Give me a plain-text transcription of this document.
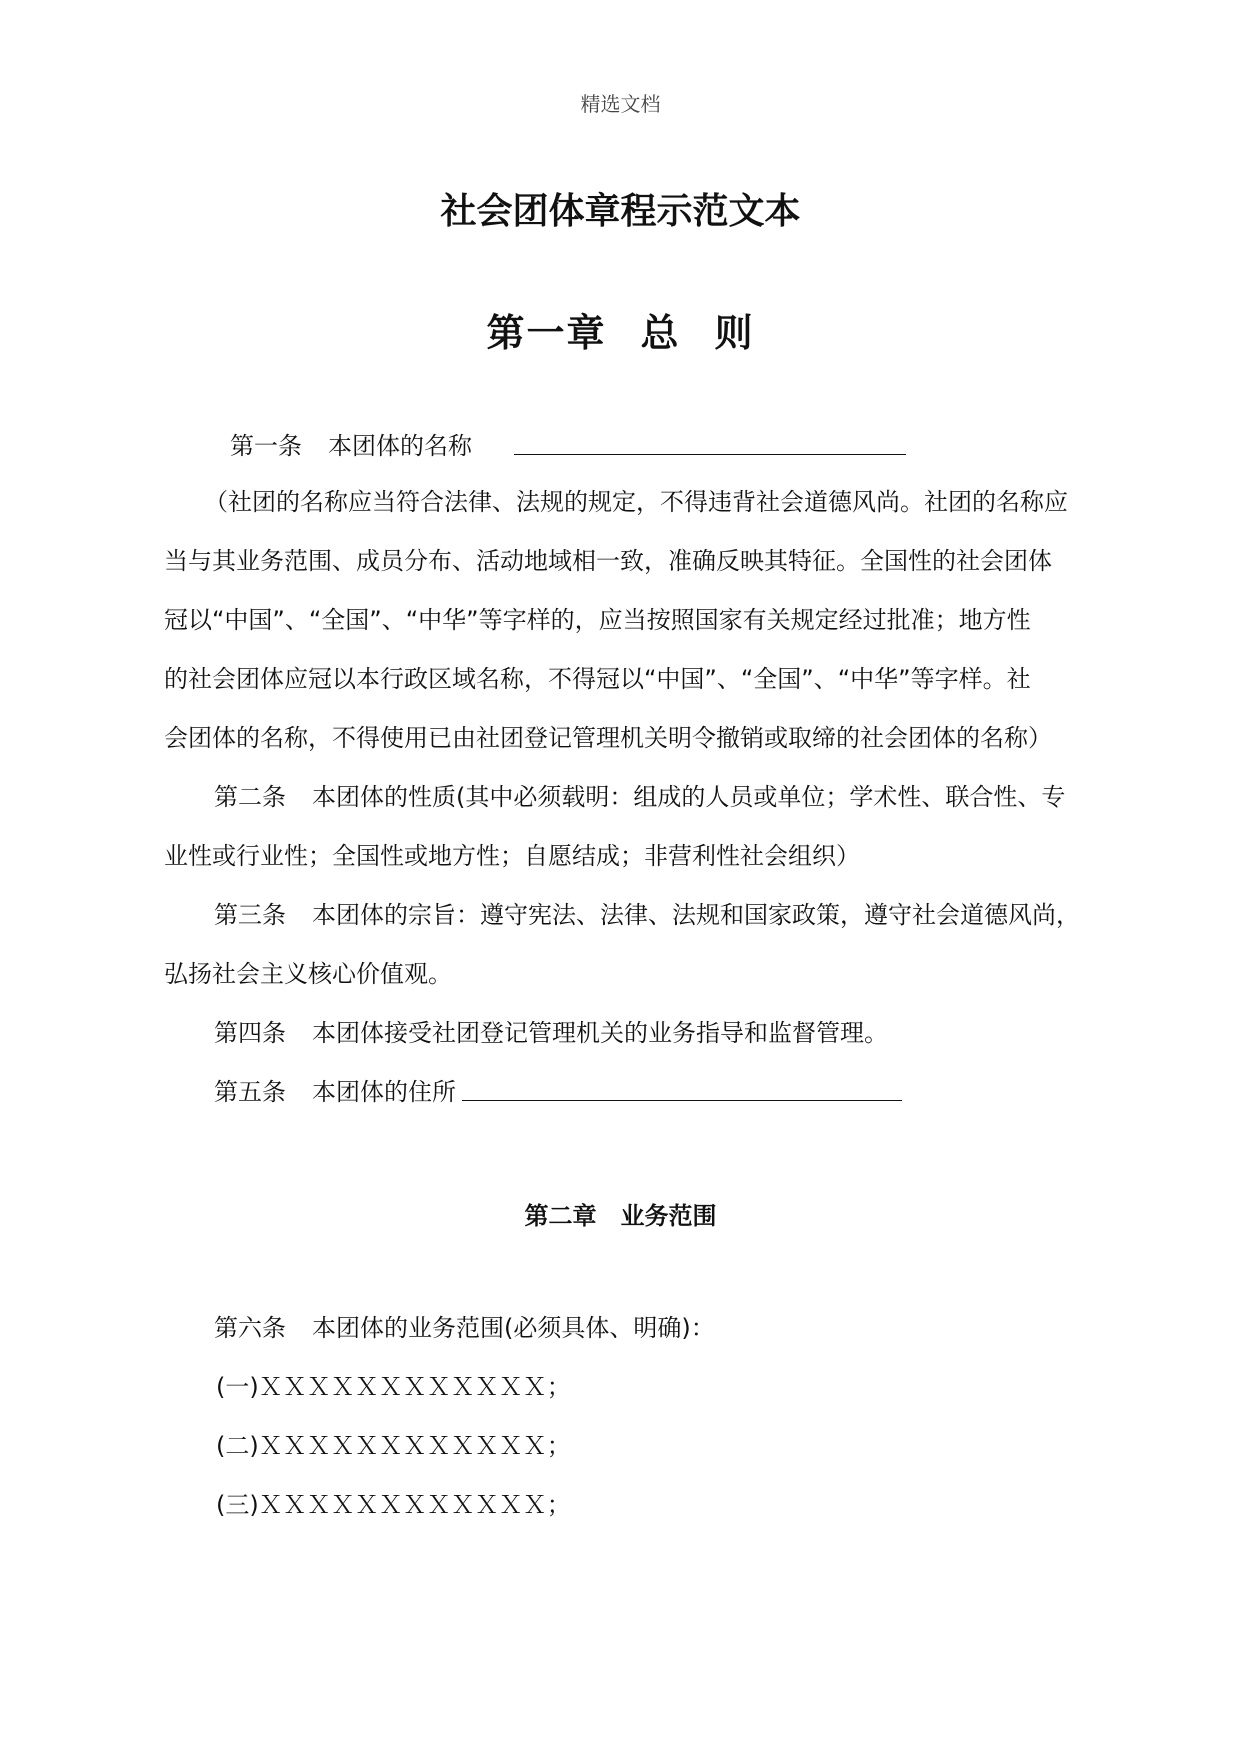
精选文档
社会团体章程示范文本
第一章 总 则
第一条 本团体的名称
（社团的名称应当符合法律、法规的规定，不得违背社会道德风尚。社团的名称应
当与其业务范围、成员分布、活动地域相一致，准确反映其特征。全国性的社会团体
冠以“中国”、“全国”、“中华”等字样的，应当按照国家有关规定经过批准；地方性
的社会团体应冠以本行政区域名称，不得冠以“中国”、“全国”、“中华”等字样。社
会团体的名称，不得使用已由社团登记管理机关明令撤销或取缔的社会团体的名称）
第二条 本团体的性质(其中必须载明：组成的人员或单位；学术性、联合性、专
业性或行业性；全国性或地方性；自愿结成；非营利性社会组织）
第三条 本团体的宗旨：遵守宪法、法律、法规和国家政策，遵守社会道德风尚，
弘扬社会主义核心价值观。
第四条 本团体接受社团登记管理机关的业务指导和监督管理。
第五条 本团体的住所
第二章 业务范围
第六条 本团体的业务范围(必须具体、明确)：
(一)ＸＸＸＸＸＸＸＸＸＸＸＸ；
(二)ＸＸＸＸＸＸＸＸＸＸＸＸ；
(三)ＸＸＸＸＸＸＸＸＸＸＸＸ；
